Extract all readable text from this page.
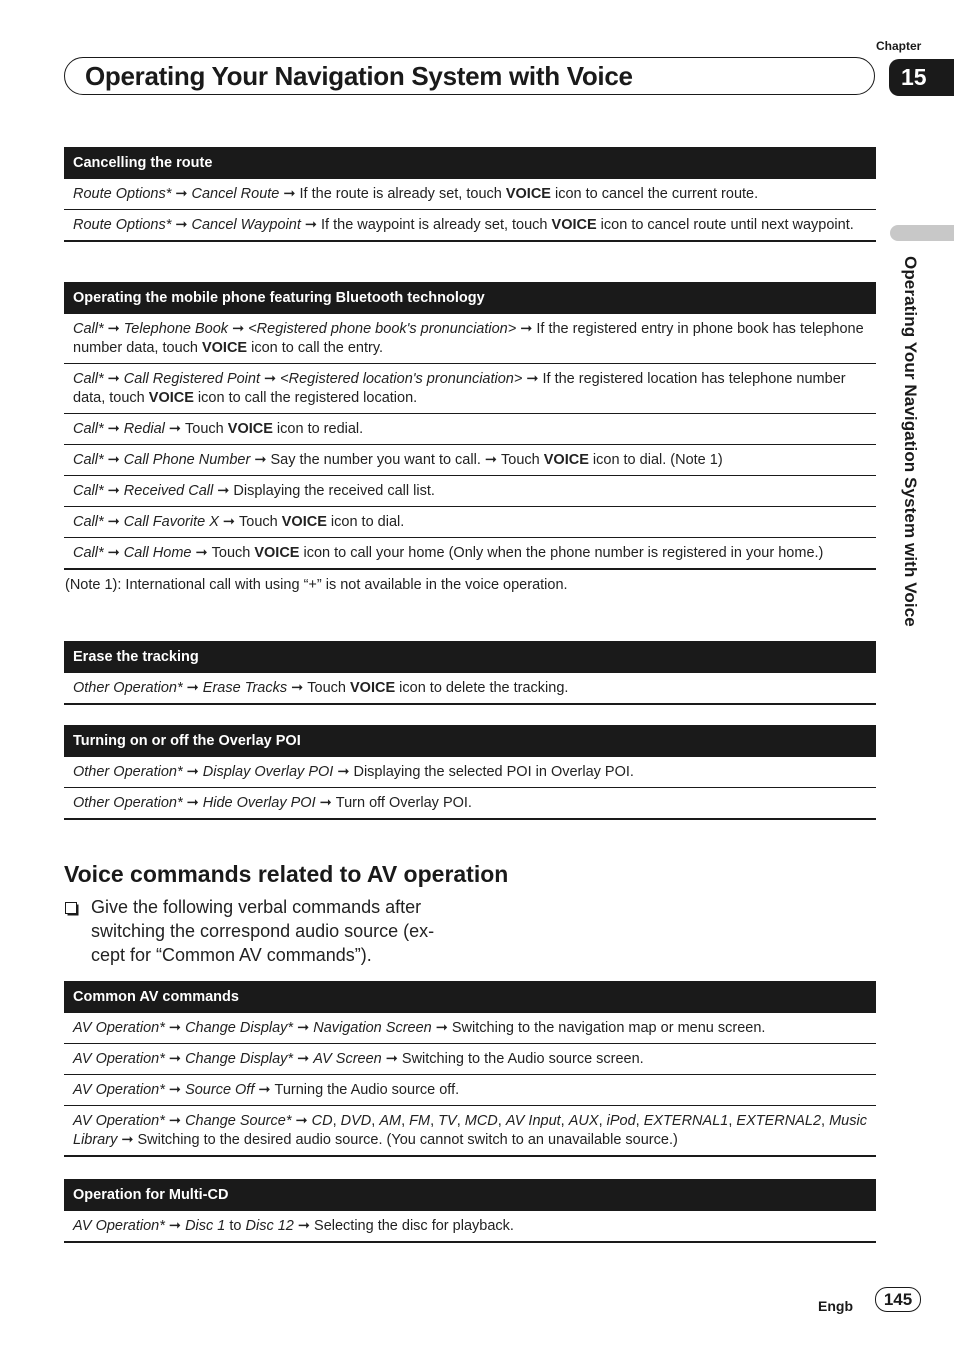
Chapter
15
Operating Your Navigation System with Voice
Operating Your Navigation System with Voice
Cancelling the route
Route Options* ➞ Cancel Route ➞ If the route is already set, touch VOICE icon to cancel the current route.
Route Options* ➞ Cancel Waypoint ➞ If the waypoint is already set, touch VOICE icon to cancel route until next waypoint.
Operating the mobile phone featuring Bluetooth technology
Call* ➞ Telephone Book ➞ <Registered phone book's pronunciation> ➞ If the registered entry in phone book has telephone number data, touch VOICE icon to call the entry.
Call* ➞ Call Registered Point ➞ <Registered location's pronunciation> ➞ If the registered location has telephone number data, touch VOICE icon to call the registered location.
Call* ➞ Redial ➞ Touch VOICE icon to redial.
Call* ➞ Call Phone Number ➞ Say the number you want to call. ➞ Touch VOICE icon to dial. (Note 1)
Call* ➞ Received Call ➞ Displaying the received call list.
Call* ➞ Call Favorite X ➞ Touch VOICE icon to dial.
Call* ➞ Call Home ➞ Touch VOICE icon to call your home (Only when the phone number is registered in your home.)
(Note 1): International call with using “+” is not available in the voice operation.
Erase the tracking
Other Operation* ➞ Erase Tracks ➞ Touch VOICE icon to delete the tracking.
Turning on or off the Overlay POI
Other Operation* ➞ Display Overlay POI ➞ Displaying the selected POI in Overlay POI.
Other Operation* ➞ Hide Overlay POI ➞ Turn off Overlay POI.
Voice commands related to AV operation
Give the following verbal commands after switching the correspond audio source (ex-cept for “Common AV commands”).
Common AV commands
AV Operation* ➞ Change Display* ➞ Navigation Screen ➞ Switching to the navigation map or menu screen.
AV Operation* ➞ Change Display* ➞ AV Screen ➞ Switching to the Audio source screen.
AV Operation* ➞ Source Off ➞ Turning the Audio source off.
AV Operation* ➞ Change Source* ➞ CD, DVD, AM, FM, TV, MCD, AV Input, AUX, iPod, EXTERNAL1, EXTERNAL2, Music Library ➞ Switching to the desired audio source. (You cannot switch to an unavailable source.)
Operation for Multi-CD
AV Operation* ➞ Disc 1 to Disc 12 ➞ Selecting the disc for playback.
Engb	145
